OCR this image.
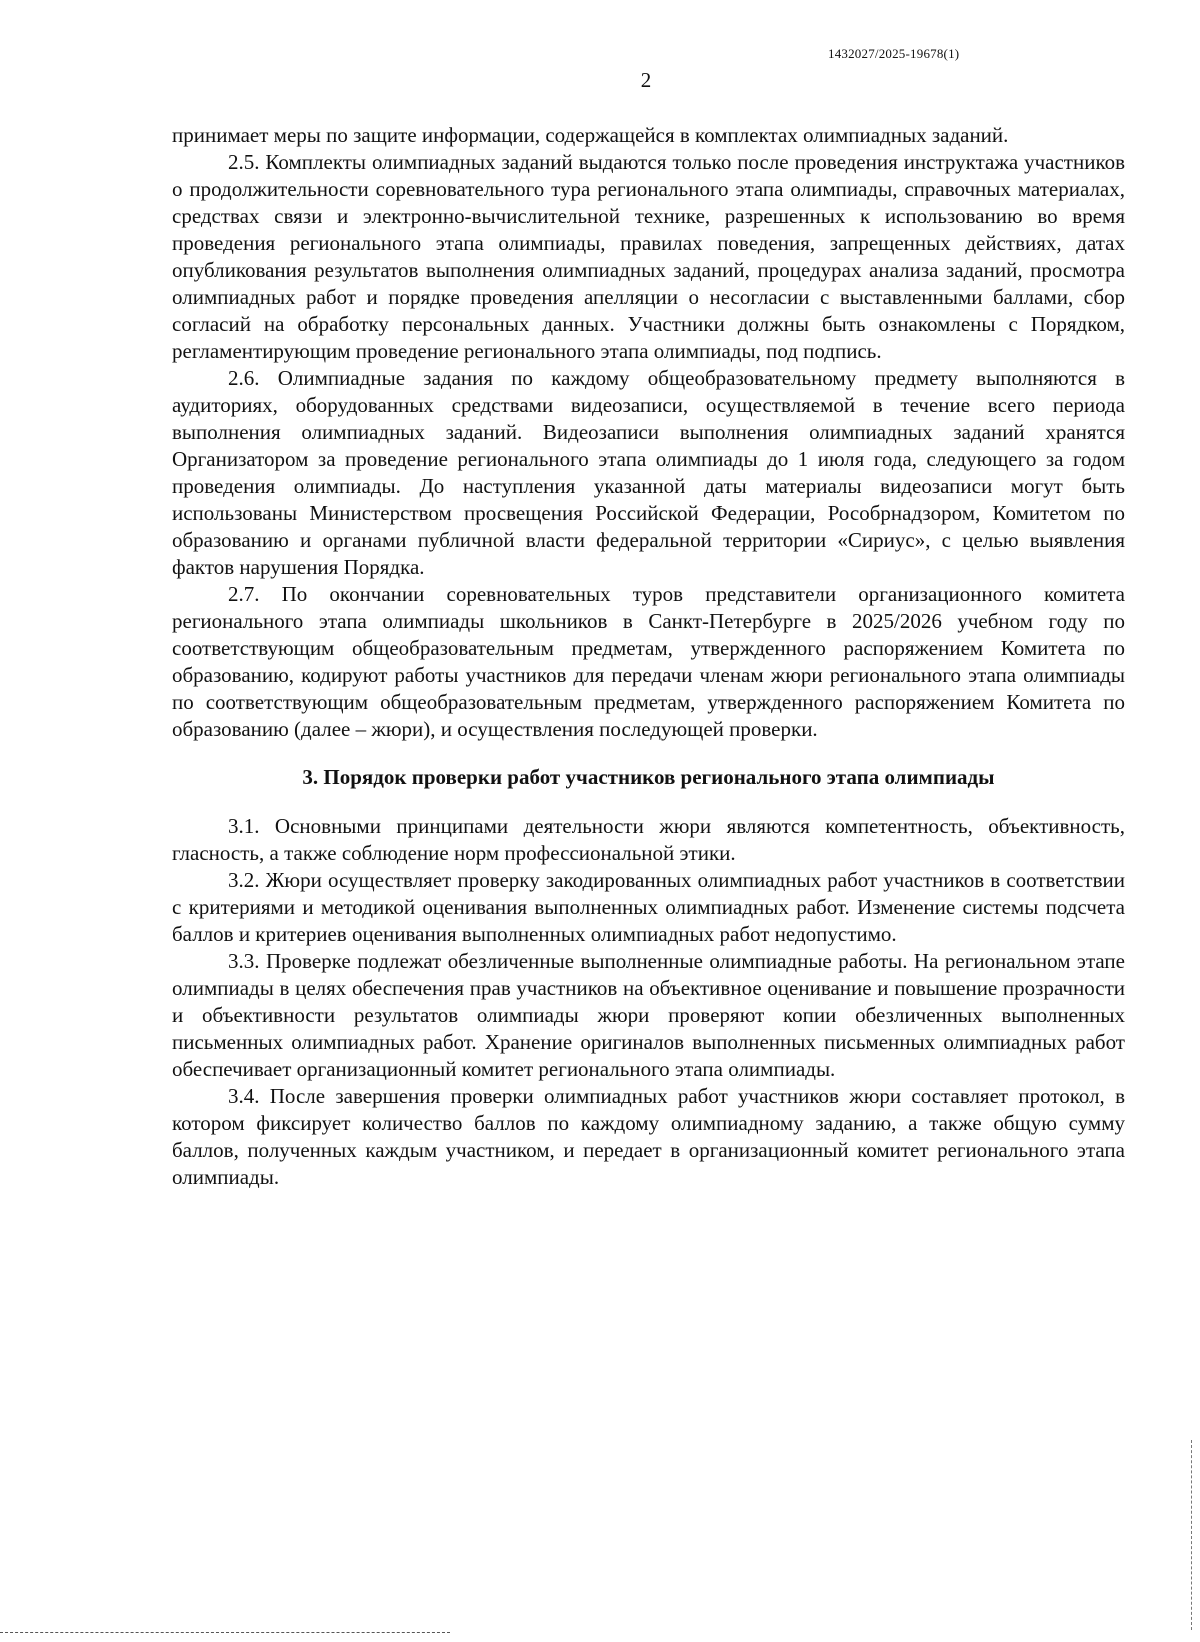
1432027/2025-19678(1)
2

принимает меры по защите информации, содержащейся в комплектах олимпиадных заданий.

2.5. Комплекты олимпиадных заданий выдаются только после проведения инструктажа участников о продолжительности соревновательного тура регионального этапа олимпиады, справочных материалах, средствах связи и электронно-вычислительной технике, разрешенных к использованию во время проведения регионального этапа олимпиады, правилах поведения, запрещенных действиях, датах опубликования результатов выполнения олимпиадных заданий, процедурах анализа заданий, просмотра олимпиадных работ и порядке проведения апелляции о несогласии с выставленными баллами, сбор согласий на обработку персональных данных. Участники должны быть ознакомлены с Порядком, регламентирующим проведение регионального этапа олимпиады, под подпись.

2.6. Олимпиадные задания по каждому общеобразовательному предмету выполняются в аудиториях, оборудованных средствами видеозаписи, осуществляемой в течение всего периода выполнения олимпиадных заданий. Видеозаписи выполнения олимпиадных заданий хранятся Организатором за проведение регионального этапа олимпиады до 1 июля года, следующего за годом проведения олимпиады. До наступления указанной даты материалы видеозаписи могут быть использованы Министерством просвещения Российской Федерации, Рособрнадзором, Комитетом по образованию и органами публичной власти федеральной территории «Сириус», с целью выявления фактов нарушения Порядка.

2.7. По окончании соревновательных туров представители организационного комитета регионального этапа олимпиады школьников в Санкт-Петербурге в 2025/2026 учебном году по соответствующим общеобразовательным предметам, утвержденного распоряжением Комитета по образованию, кодируют работы участников для передачи членам жюри регионального этапа олимпиады по соответствующим общеобразовательным предметам, утвержденного распоряжением Комитета по образованию (далее – жюри), и осуществления последующей проверки.

3. Порядок проверки работ участников регионального этапа олимпиады

3.1. Основными принципами деятельности жюри являются компетентность, объективность, гласность, а также соблюдение норм профессиональной этики.

3.2. Жюри осуществляет проверку закодированных олимпиадных работ участников в соответствии с критериями и методикой оценивания выполненных олимпиадных работ. Изменение системы подсчета баллов и критериев оценивания выполненных олимпиадных работ недопустимо.

3.3. Проверке подлежат обезличенные выполненные олимпиадные работы. На региональном этапе олимпиады в целях обеспечения прав участников на объективное оценивание и повышение прозрачности и объективности результатов олимпиады жюри проверяют копии обезличенных выполненных письменных олимпиадных работ. Хранение оригиналов выполненных письменных олимпиадных работ обеспечивает организационный комитет регионального этапа олимпиады.

3.4. После завершения проверки олимпиадных работ участников жюри составляет протокол, в котором фиксирует количество баллов по каждому олимпиадному заданию, а также общую сумму баллов, полученных каждым участником, и передает в организационный комитет регионального этапа олимпиады.
